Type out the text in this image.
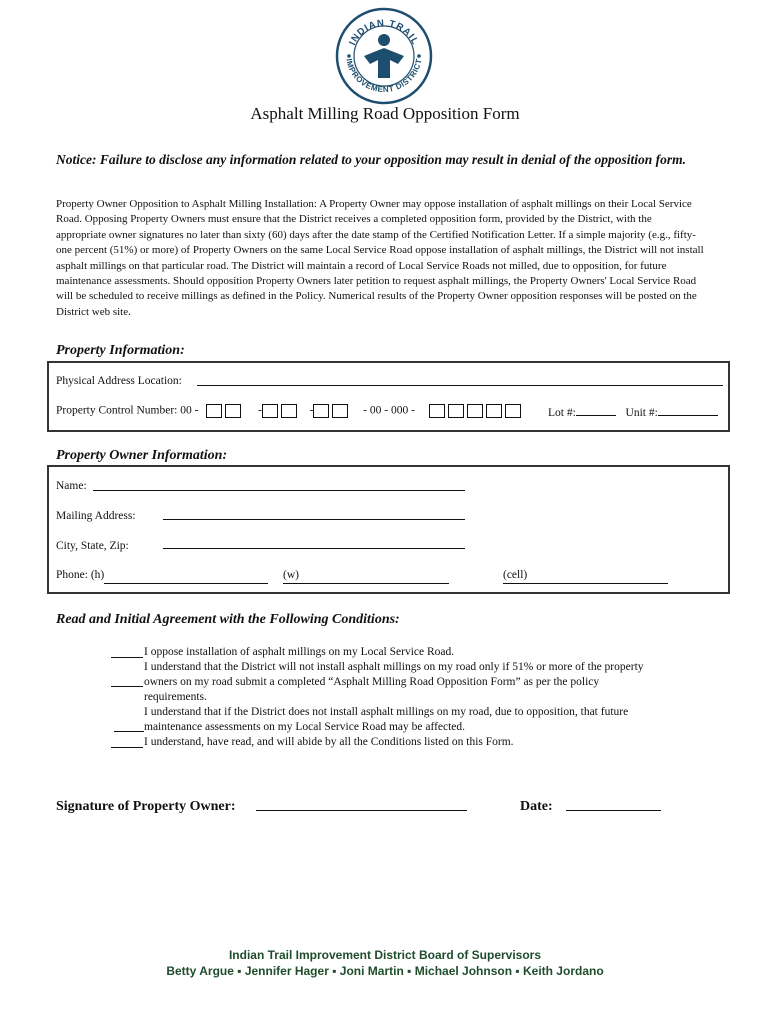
INDIAN TRAIL
IMPROVEMENT DISTRICT
Asphalt Milling Road Opposition Form
Notice: Failure to disclose any information related to your opposition may result in denial of the opposition form.
Property Owner Opposition to Asphalt Milling Installation: A Property Owner may oppose installation of asphalt millings on their Local Service Road. Opposing Property Owners must ensure that the District receives a completed opposition form, provided by the District, with the appropriate owner signatures no later than sixty (60) days after the date stamp of the Certified Notification Letter. If a simple majority (e.g., fifty-one percent (51%) or more) of Property Owners on the same Local Service Road oppose installation of asphalt millings, the District will not install asphalt millings on that particular road. The District will maintain a record of Local Service Roads not milled, due to opposition, for future maintenance assessments. Should opposition Property Owners later petition to request asphalt millings, the Property Owners' Local Service Road will be scheduled to receive millings as defined in the Policy. Numerical results of the Property Owner opposition responses will be posted on the District web site.
Property Information:
Physical Address Location:
Property Control Number: 00 -	-	-	- 00 - 000 -	Lot #:	Unit #:
Property Owner Information:
Name:
Mailing Address:
City, State, Zip:
Phone: (h)	(w)	(cell)
Read and Initial Agreement with the Following Conditions:
I oppose installation of asphalt millings on my Local Service Road.
I understand that the District will not install asphalt millings on my road only if 51% or more of the property
owners on my road submit a completed “Asphalt Milling Road Opposition Form” as per the policy
requirements.
I understand that if the District does not install asphalt millings on my road, due to opposition, that future
maintenance assessments on my Local Service Road may be affected.
I understand, have read, and will abide by all the Conditions listed on this Form.
Signature of Property Owner:	Date:
Indian Trail Improvement District Board of Supervisors
Betty Argue ▪ Jennifer Hager ▪ Joni Martin ▪ Michael Johnson ▪ Keith Jordano
